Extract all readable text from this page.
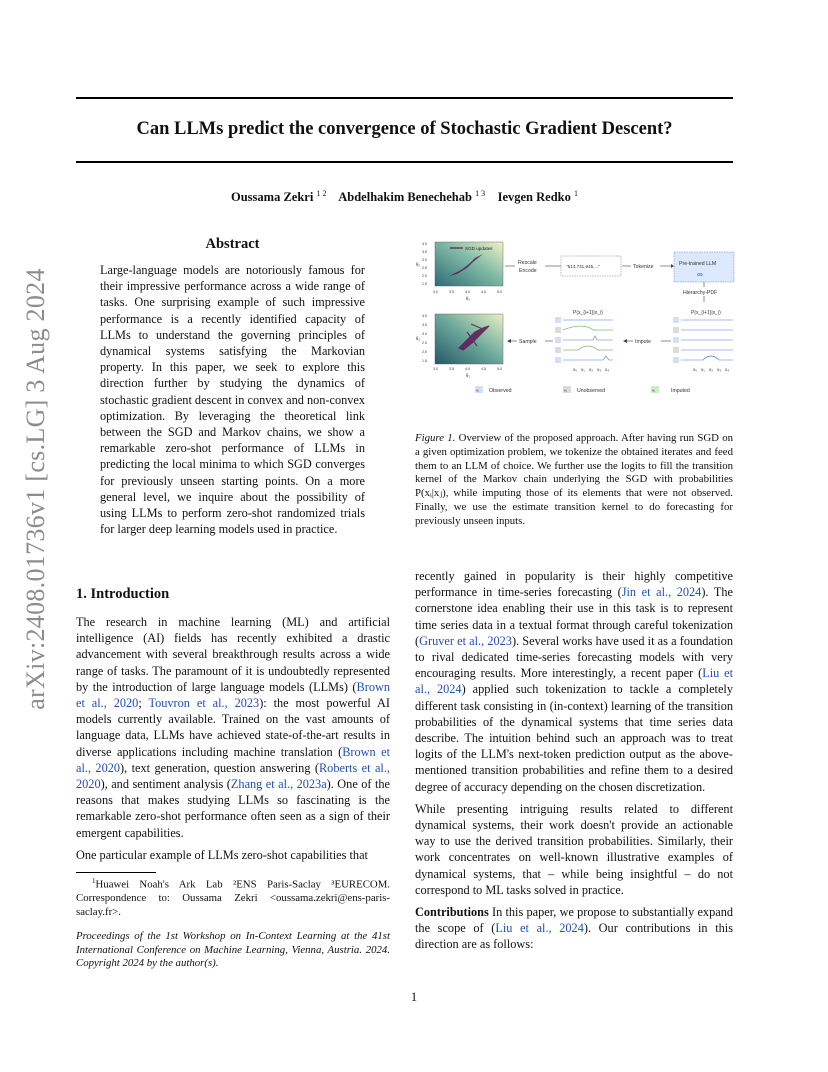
Can LLMs predict the convergence of Stochastic Gradient Descent?
Oussama Zekri $^{1 2}$ Abdelhakim Benechehab $^{1 3}$ Ievgen Redko $^1$
arXiv:2408.01736v1 [cs.LG] 3 Aug 2024
Abstract

Large-language models are notoriously famous for their impressive performance across a wide range of tasks. One surprising example of such impressive performance is a recently identified capacity of LLMs to understand the governing principles of dynamical systems satisfying the Markovian property. In this paper, we seek to explore this direction further by studying the dynamics of stochastic gradient descent in convex and non-convex optimization. By leveraging the theoretical link between the SGD and Markov chains, we show a remarkable zero-shot performance of LLMs in predicting the local minima to which SGD converges for previously unseen starting points. On a more general level, we inquire about the possibility of using LLMs to perform zero-shot randomized trials for larger deep learning models used in practice.

SGD updates
4.0
3.5
3.0
2.5
2.0
1.5
θ₂
3.0	3.5	4.0	4.5	5.0
θ₁
Rescale
Encode
"514,731,945,..."	Tokenize	Pre-trained LLM
∞
Hierarchy-PDF
4.0
3.5
3.0
2.5
2.0
1.5
θ₂
3.0	3.5	4.0	4.5	5.0
θ₁
Sample
P(x_{i+1}|x_i)
x₀ x₁ x₂ x₃ x₄
Impute
P(x_{i+1}|x_i)
x₀ x₁ x₂ x₃ x₄
xᵢ Observed	xᵢ Unobserved	xᵢ	Imputed

Figure 1. Overview of the proposed approach. After having run SGD on a given optimization problem, we tokenize the obtained iterates and feed them to an LLM of choice. We further use the logits to fill the transition kernel of the Markov chain underlying the SGD with probabilities P(xᵢ|xⱼ), while imputing those of its elements that were not observed. Finally, we use the estimate transition kernel to do forecasting for previously unseen inputs.

1. Introduction

The research in machine learning (ML) and artificial intelligence (AI) fields has recently exhibited a drastic advancement with several breakthrough results across a wide range of tasks. The paramount of it is undoubtedly represented by the introduction of large language models (LLMs) (Brown et al., 2020; Touvron et al., 2023): the most powerful AI models currently available. Trained on the vast amounts of language data, LLMs have achieved state-of-the-art results in diverse applications including machine translation (Brown et al., 2020), text generation, question answering (Roberts et al., 2020), and sentiment analysis (Zhang et al., 2023a). One of the reasons that makes studying LLMs so fascinating is the remarkable zero-shot performance often seen as a sign of their emergent capabilities.

One particular example of LLMs zero-shot capabilities that

$^1$Huawei Noah's Ark Lab ²ENS Paris-Saclay ³EURECOM. Correspondence to: Oussama Zekri <oussama.zekri@ens-paris-saclay.fr>.

Proceedings of the 1st Workshop on In-Context Learning at the 41st International Conference on Machine Learning, Vienna, Austria. 2024. Copyright 2024 by the author(s).

recently gained in popularity is their highly competitive performance in time-series forecasting (Jin et al., 2024). The cornerstone idea enabling their use in this task is to represent time series data in a textual format through careful tokenization (Gruver et al., 2023). Several works have used it as a foundation to rival dedicated time-series forecasting models with very encouraging results. More interestingly, a recent paper (Liu et al., 2024) applied such tokenization to tackle a completely different task consisting in (in-context) learning of the transition probabilities of the dynamical systems that time series data describe. The intuition behind such an approach was to treat logits of the LLM's next-token prediction output as the above-mentioned transition probabilities and refine them to a desired degree of accuracy depending on the chosen discretization.

While presenting intriguing results related to different dynamical systems, their work doesn't provide an actionable way to use the derived transition probabilities. Similarly, their work concentrates on well-known illustrative examples of dynamical systems, that – while being insightful – do not correspond to ML tasks solved in practice.

Contributions In this paper, we propose to substantially expand the scope of (Liu et al., 2024). Our contributions in this direction are as follows:

1
